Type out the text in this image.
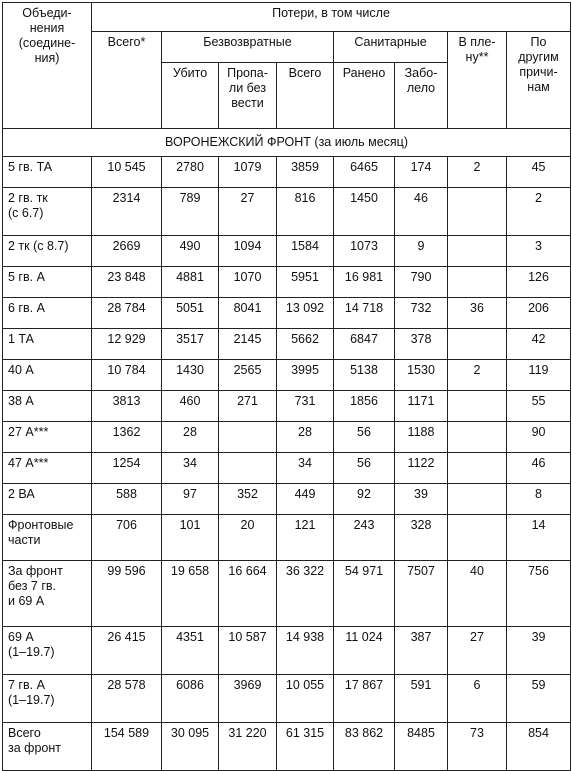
Объеди-
нения
(соедине-
ния)	Потери, в том числе							
	Всего*	Безвозвратные			Санитарные		В пле-
ну**	По
другим
причи-
нам
		Убито	Пропа-
ли без
вести	Всего	Ранено	Забо-
лело		
ВОРОНЕЖСКИЙ ФРОНТ (за июль месяц)								
5 гв. ТА	10 545	2780	1079	3859	6465	174	2	45
2 гв. тк
(с 6.7)	2314	789	27	816	1450	46		2
2 тк (с 8.7)	2669	490	1094	1584	1073	9		3
5 гв. А	23 848	4881	1070	5951	16 981	790		126
6 гв. А	28 784	5051	8041	13 092	14 718	732	36	206
1 ТА	12 929	3517	2145	5662	6847	378		42
40 А	10 784	1430	2565	3995	5138	1530	2	119
38 А	3813	460	271	731	1856	1171		55
27 А***	1362	28		28	56	1188		90
47 А***	1254	34		34	56	1122		46
2 ВА	588	97	352	449	92	39		8
Фронтовые
части	706	101	20	121	243	328		14
За фронт
без 7 гв.
и 69 А	99 596	19 658	16 664	36 322	54 971	7507	40	756
69 А
(1–19.7)	26 415	4351	10 587	14 938	11 024	387	27	39
7 гв. А
(1–19.7)	28 578	6086	3969	10 055	17 867	591	6	59
Всего
за фронт	154 589	30 095	31 220	61 315	83 862	8485	73	854
